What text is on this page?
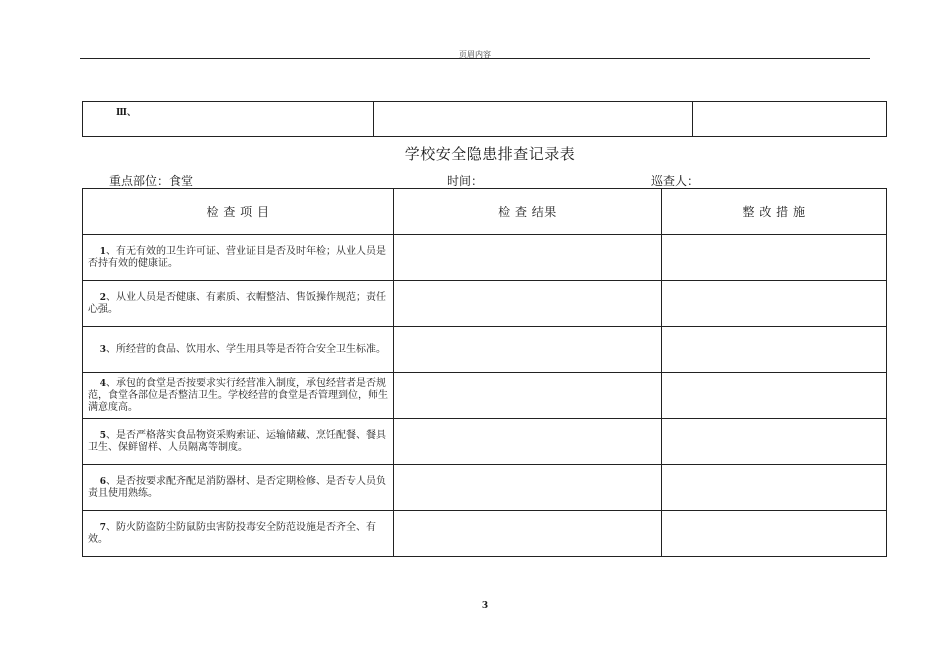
页眉内容
Ⅲ、

学校安全隐患排查记录表
重点部位：食堂	时间：	巡查人：
检 查 项 目	检 查 结果	整 改 措 施

1、有无有效的卫生许可证、营业证目是否及时年检；从业人员是否持有效的健康证。		

2、从业人员是否健康、有素质、衣帽整洁、售饭操作规范；责任心强。		

3、所经营的食品、饮用水、学生用具等是否符合安全卫生标准。		

4、承包的食堂是否按要求实行经营准入制度，承包经营者是否规范，食堂各部位是否整洁卫生。学校经营的食堂是否管理到位，师生满意度高。		

5、是否严格落实食品物资采购索证、运输储藏、烹饪配餐、餐具卫生、保鲜留样、人员隔离等制度。		

6、是否按要求配齐配足消防器材、是否定期检修、是否专人员负责且使用熟练。		

7、防火防盗防尘防鼠防虫害防投毒安全防范设施是否齐全、有效。		

3
